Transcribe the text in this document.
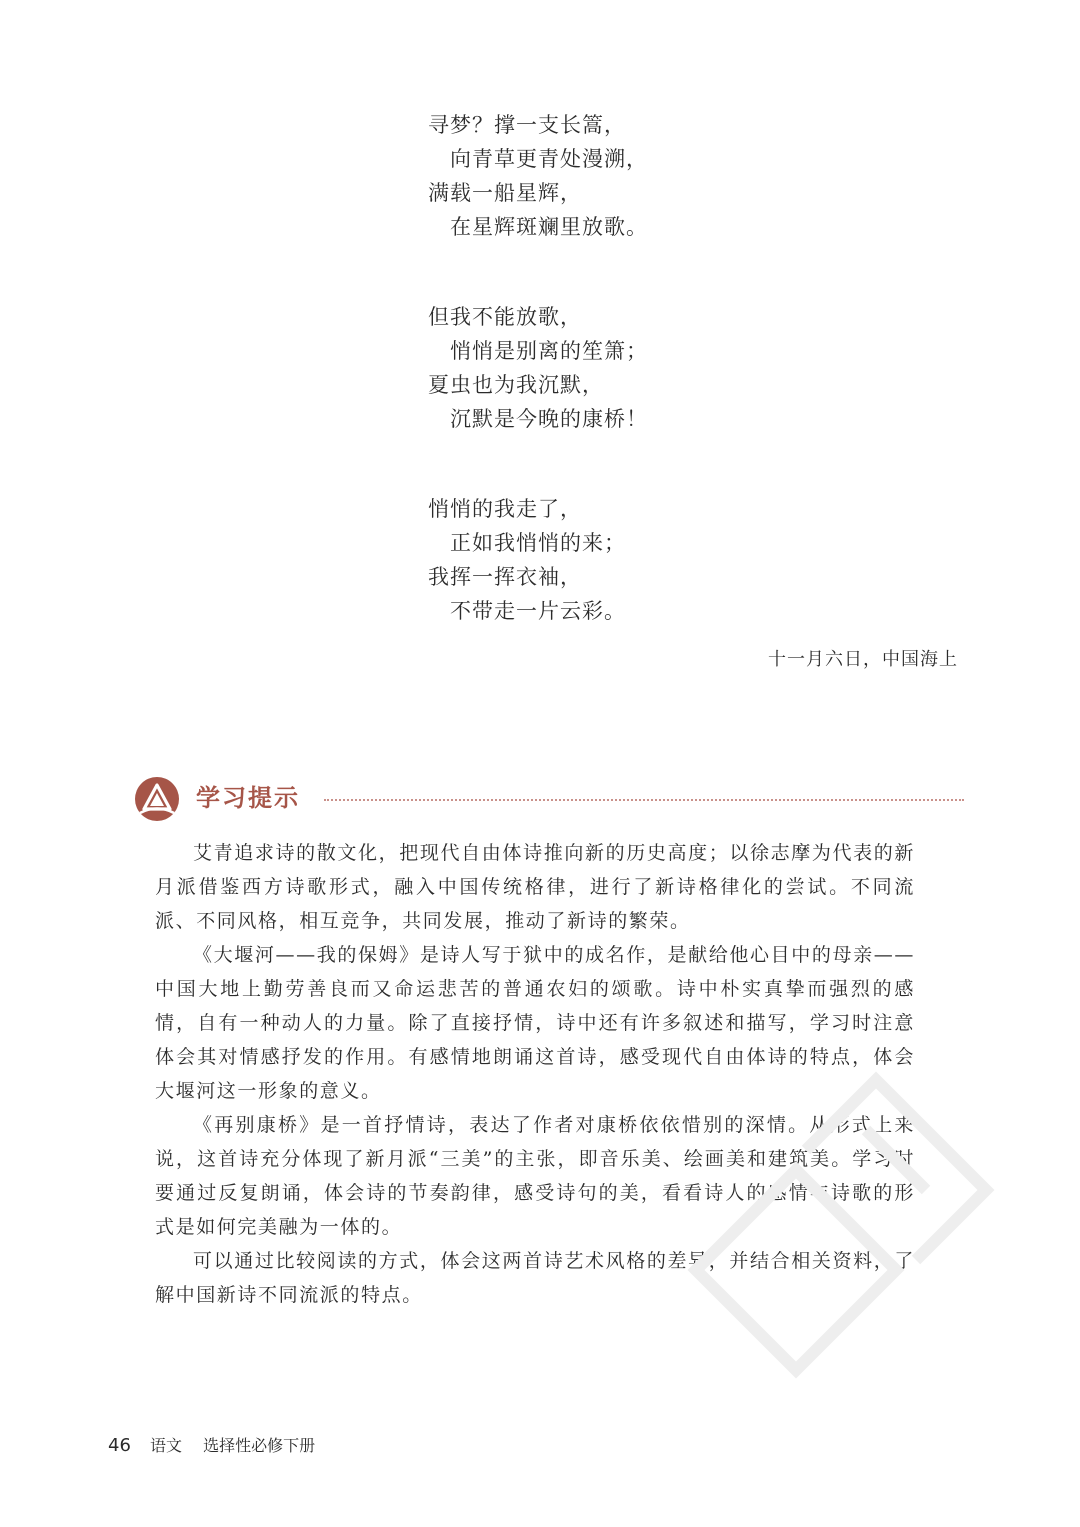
寻梦？撑一支长篙，
向青草更青处漫溯，
满载一船星辉，
在星辉斑斓里放歌。
但我不能放歌，
悄悄是别离的笙箫；
夏虫也为我沉默，
沉默是今晚的康桥！
悄悄的我走了，
正如我悄悄的来；
我挥一挥衣袖，
不带走一片云彩。
十一月六日，中国海上
学习提示

艾青追求诗的散文化，把现代自由体诗推向新的历史高度；以徐志摩为代表的新月派借鉴西方诗歌形式，融入中国传统格律，进行了新诗格律化的尝试。不同流派、不同风格，相互竞争，共同发展，推动了新诗的繁荣。

《大堰河——我的保姆》是诗人写于狱中的成名作，是献给他心目中的母亲——中国大地上勤劳善良而又命运悲苦的普通农妇的颂歌。诗中朴实真挚而强烈的感情，自有一种动人的力量。除了直接抒情，诗中还有许多叙述和描写，学习时注意体会其对情感抒发的作用。有感情地朗诵这首诗，感受现代自由体诗的特点，体会大堰河这一形象的意义。

《再别康桥》是一首抒情诗，表达了作者对康桥依依惜别的深情。从形式上来说，这首诗充分体现了新月派“三美”的主张，即音乐美、绘画美和建筑美。学习时要通过反复朗诵，体会诗的节奏韵律，感受诗句的美，看看诗人的感情与诗歌的形式是如何完美融为一体的。

可以通过比较阅读的方式，体会这两首诗艺术风格的差异，并结合相关资料，了解中国新诗不同流派的特点。

46 语文 选择性必修下册
